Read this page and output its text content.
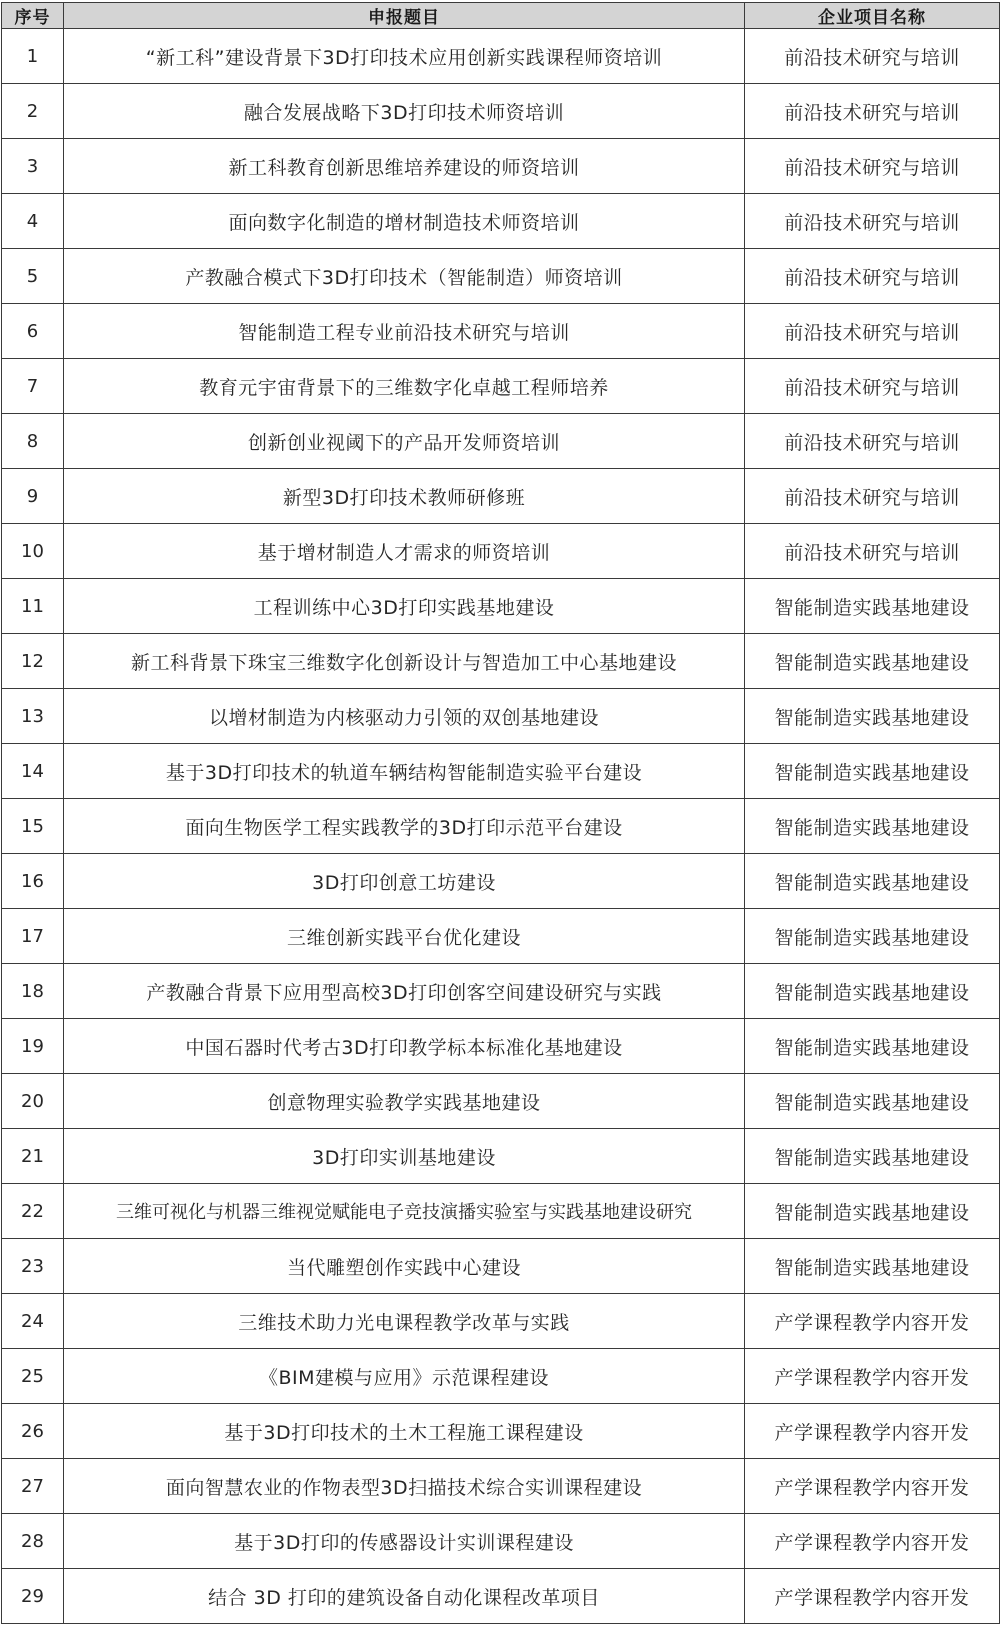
序号	申报题目	企业项目名称
1	“新工科”建设背景下3D打印技术应用创新实践课程师资培训	前沿技术研究与培训
2	融合发展战略下3D打印技术师资培训	前沿技术研究与培训
3	新工科教育创新思维培养建设的师资培训	前沿技术研究与培训
4	面向数字化制造的增材制造技术师资培训	前沿技术研究与培训
5	产教融合模式下3D打印技术（智能制造）师资培训	前沿技术研究与培训
6	智能制造工程专业前沿技术研究与培训	前沿技术研究与培训
7	教育元宇宙背景下的三维数字化卓越工程师培养	前沿技术研究与培训
8	创新创业视阈下的产品开发师资培训	前沿技术研究与培训
9	新型3D打印技术教师研修班	前沿技术研究与培训
10	基于增材制造人才需求的师资培训	前沿技术研究与培训
11	工程训练中心3D打印实践基地建设	智能制造实践基地建设
12	新工科背景下珠宝三维数字化创新设计与智造加工中心基地建设	智能制造实践基地建设
13	以增材制造为内核驱动力引领的双创基地建设	智能制造实践基地建设
14	基于3D打印技术的轨道车辆结构智能制造实验平台建设	智能制造实践基地建设
15	面向生物医学工程实践教学的3D打印示范平台建设	智能制造实践基地建设
16	3D打印创意工坊建设	智能制造实践基地建设
17	三维创新实践平台优化建设	智能制造实践基地建设
18	产教融合背景下应用型高校3D打印创客空间建设研究与实践	智能制造实践基地建设
19	中国石器时代考古3D打印教学标本标准化基地建设	智能制造实践基地建设
20	创意物理实验教学实践基地建设	智能制造实践基地建设
21	3D打印实训基地建设	智能制造实践基地建设
22	三维可视化与机器三维视觉赋能电子竞技演播实验室与实践基地建设研究	智能制造实践基地建设
23	当代雕塑创作实践中心建设	智能制造实践基地建设
24	三维技术助力光电课程教学改革与实践	产学课程教学内容开发
25	《BIM建模与应用》示范课程建设	产学课程教学内容开发
26	基于3D打印技术的土木工程施工课程建设	产学课程教学内容开发
27	面向智慧农业的作物表型3D扫描技术综合实训课程建设	产学课程教学内容开发
28	基于3D打印的传感器设计实训课程建设	产学课程教学内容开发
29	结合 3D 打印的建筑设备自动化课程改革项目	产学课程教学内容开发
